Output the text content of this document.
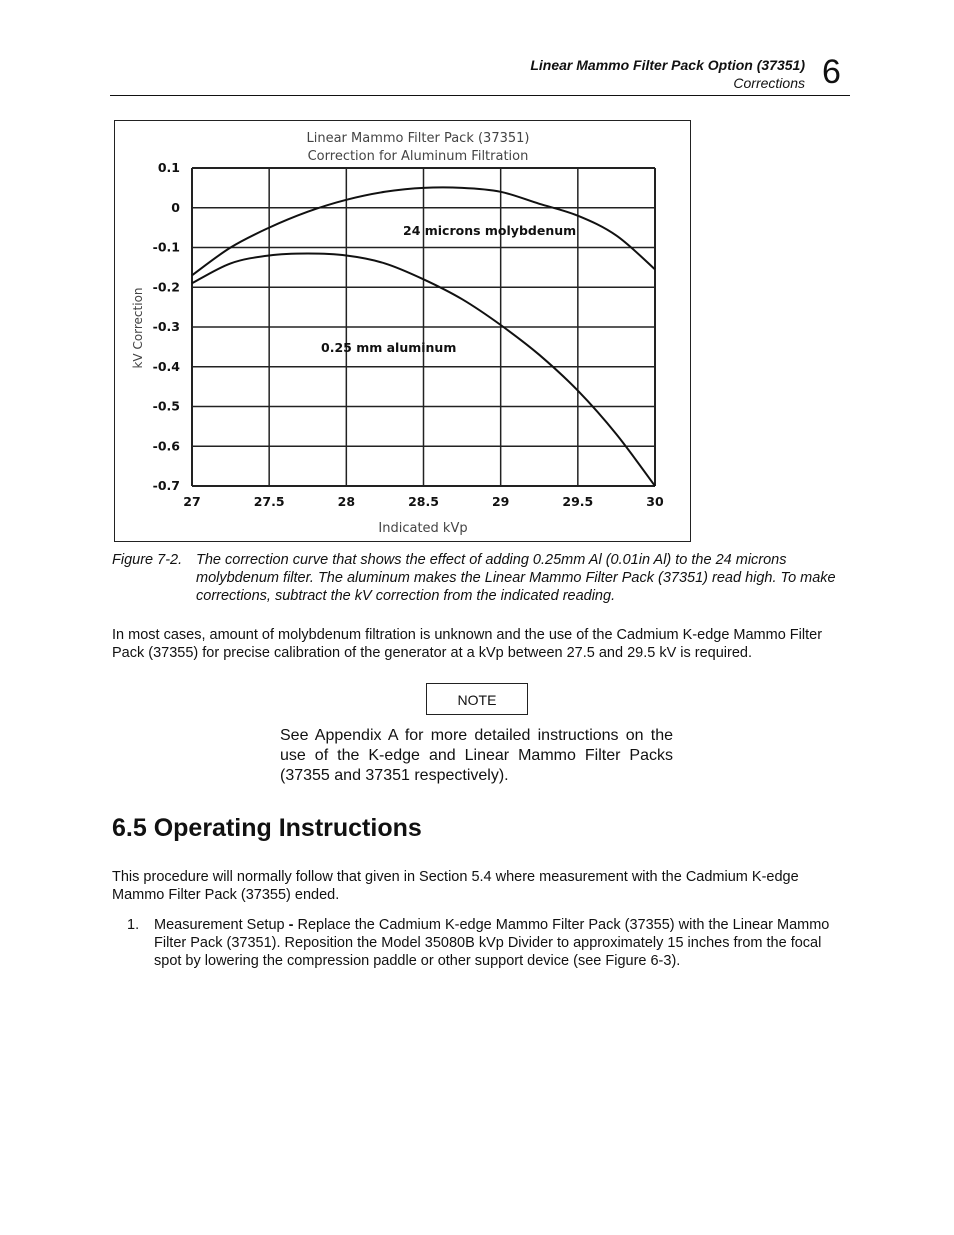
Linear Mammo Filter Pack Option (37351)
Corrections 6
Linear Mammo Filter Pack (37351)
Correction for Aluminum Filtration
Indicated kVp
kV Correction
27	27.5	28	28.5	29	29.5	30
0.1
0
-0.1
-0.2
-0.3
-0.4
-0.5
-0.6
-0.7
24 microns molybdenum
0.25 mm aluminum
Figure 7-2. The correction curve that shows the effect of adding 0.25mm Al (0.01in Al) to the 24 microns molybdenum filter. The aluminum makes the Linear Mammo Filter Pack (37351) read high. To make corrections, subtract the kV correction from the indicated reading.
In most cases, amount of molybdenum filtration is unknown and the use of the Cadmium K-edge Mammo Filter Pack (37355) for precise calibration of the generator at a kVp between 27.5 and 29.5 kV is required.
NOTE
See Appendix A for more detailed instructions on the use of the K-edge and Linear Mammo Filter Packs (37355 and 37351 respectively).
6.5 Operating Instructions
This procedure will normally follow that given in Section 5.4 where measurement with the Cadmium K-edge Mammo Filter Pack (37355) ended.
1. Measurement Setup - Replace the Cadmium K-edge Mammo Filter Pack (37355) with the Linear Mammo Filter Pack (37351). Reposition the Model 35080B kVp Divider to approximately 15 inches from the focal spot by lowering the compression paddle or other support device (see Figure 6-3).
